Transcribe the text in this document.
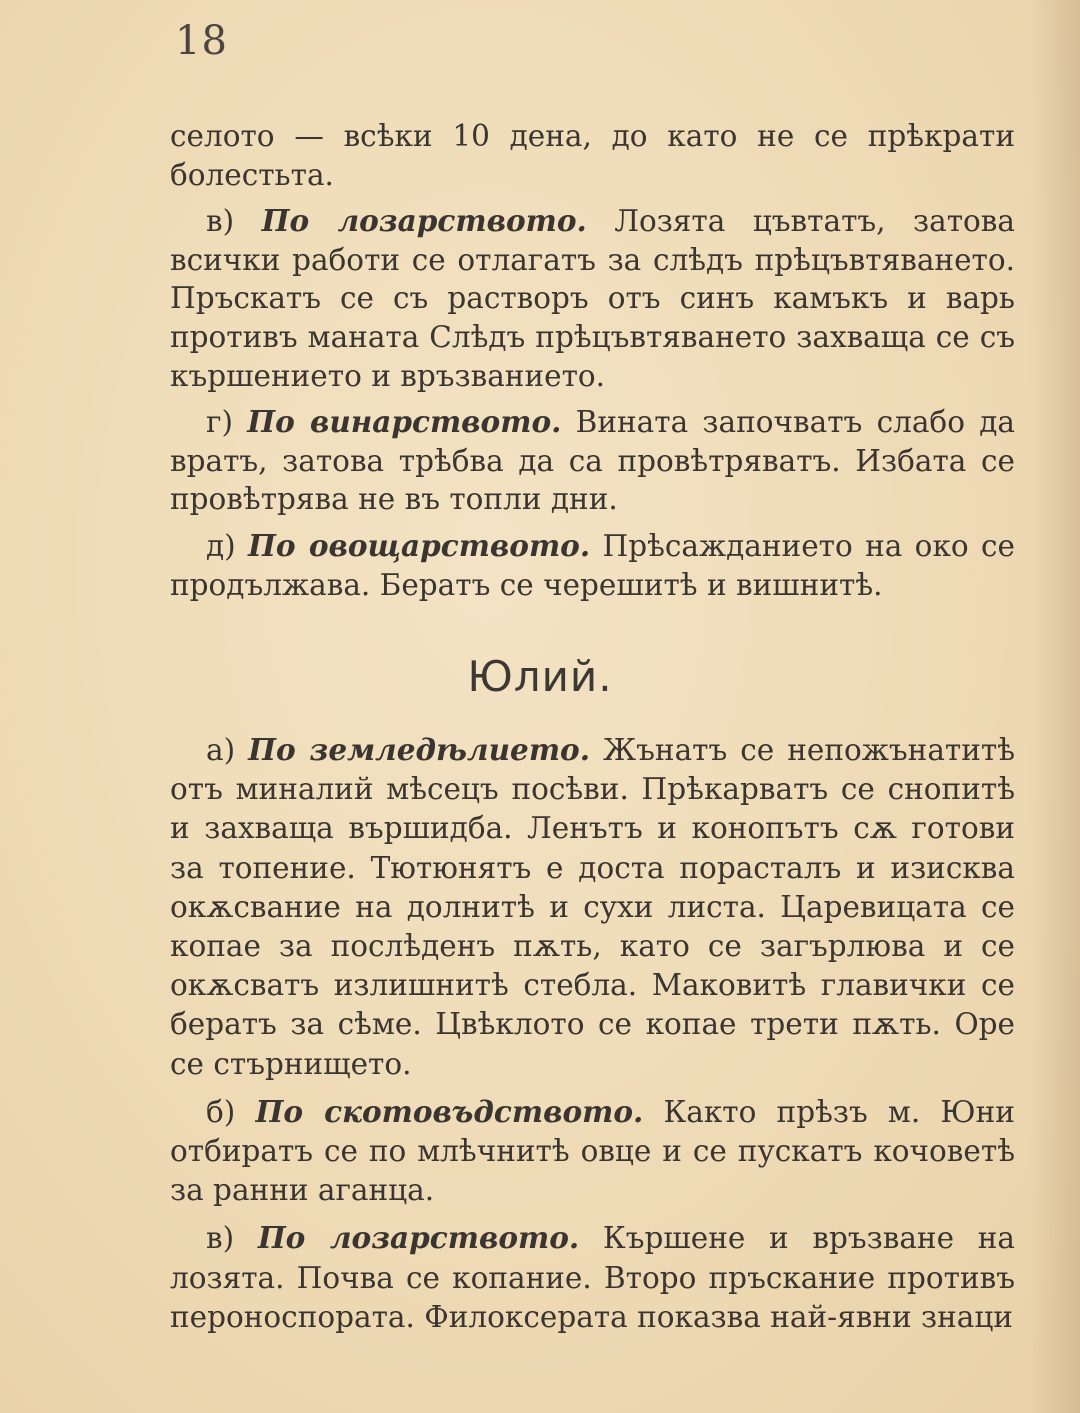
18

селото — всѣки 10 дена, до като не се прѣкрати болестьта.

в) По лозарството. Лозята цъвтатъ, затова всички работи се отлагатъ за слѣдъ прѣцъвтяването. Пръскатъ се съ растворъ отъ синъ камъкъ и варь противъ маната Слѣдъ прѣцъвтяването захваща се съ кършението и връзванието.

г) По винарството. Вината започватъ слабо да вратъ, затова трѣбва да са провѣтряватъ. Избата се провѣтрява не въ топли дни.

д) По овощарството. Прѣсажданието на око се продължава. Бератъ се черешитѣ и вишнитѣ.

Юлий.

а) По земледѣлието. Жънатъ се непожънатитѣ отъ миналий мѣсецъ посѣви. Прѣкарватъ се снопитѣ и захваща вършидба. Ленътъ и конопътъ сѫ готови за топение. Тютюнятъ е доста порасталъ и изисква окѫсвание на долнитѣ и сухи листа. Царевицата се копае за послѣденъ пѫть, като се загърлюва и се окѫсватъ излишнитѣ стебла. Маковитѣ главички се бератъ за сѣме. Цвѣклото се копае трети пѫть. Оре се стърнището.

б) По скотовъдството. Както прѣзъ м. Юни отбиратъ се по млѣчнитѣ овце и се пускатъ кочоветѣ за ранни аганца.

в) По лозарството. Кършене и връзване на лозята. Почва се копание. Второ пръскание противъ пероноспората. Филоксерата показва най-явни знаци
